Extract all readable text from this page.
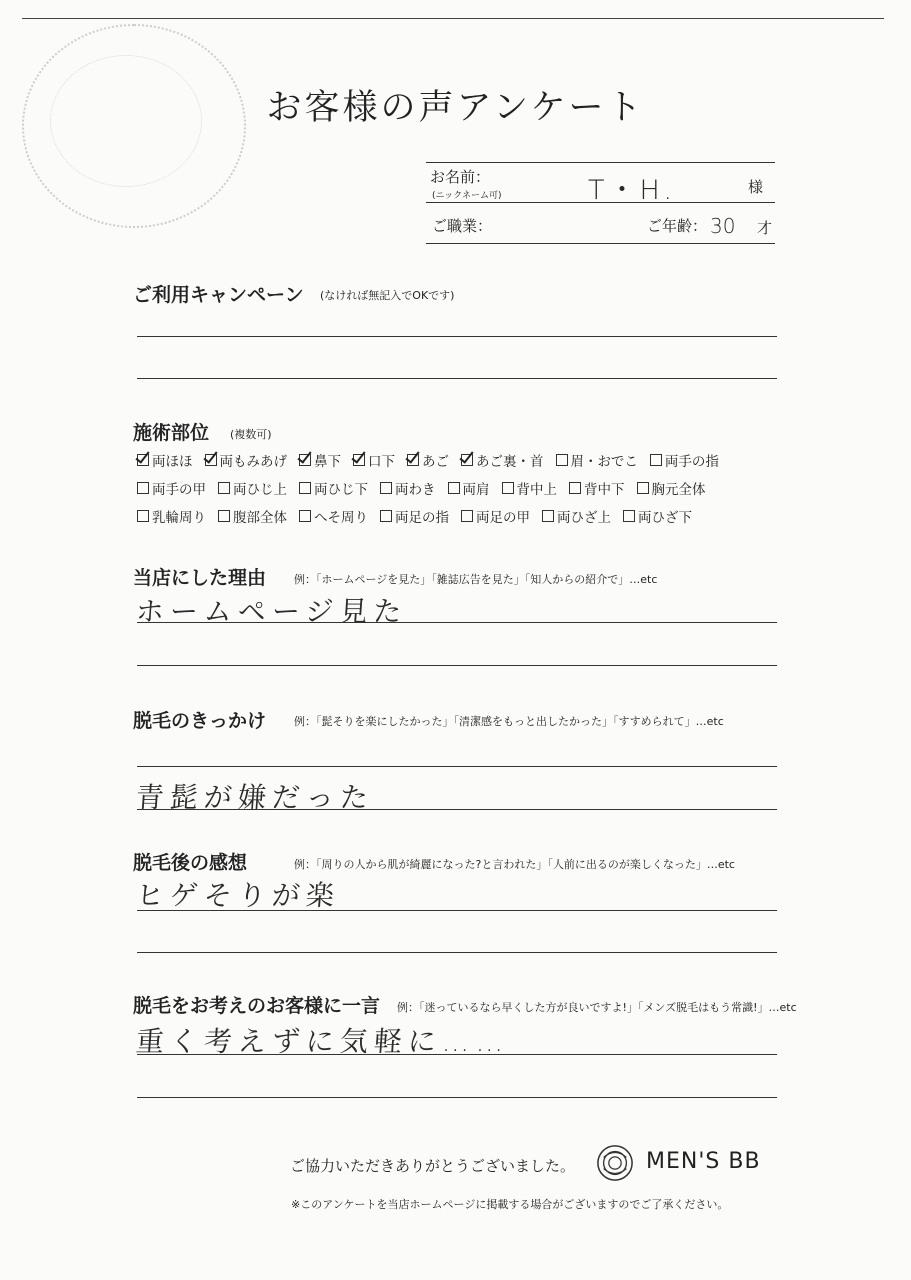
お客様の声アンケート
お名前：
(ニックネーム可)	T・H.	様
ご職業：	ご年齢： 30 才
ご利用キャンペーン (なければ無記入でOKです)
施術部位 (複数可)
両ほほ 両もみあげ 鼻下 口下 あご あご裏・首 眉・おでこ 両手の指
両手の甲 両ひじ上 両ひじ下 両わき 両肩 背中上 背中下 胸元全体
乳輪周り 腹部全体 へそ周り 両足の指 両足の甲 両ひざ上 両ひざ下
当店にした理由	例：「ホームページを見た」「雑誌広告を見た」「知人からの紹介で」…etc
ホームページ見た
脱毛のきっかけ	例：「髭そりを楽にしたかった」「清潔感をもっと出したかった」「すすめられて」…etc
青髭が嫌だった
脱毛後の感想	例：「周りの人から肌が綺麗になった?と言われた」「人前に出るのが楽しくなった」…etc
ヒゲそりが楽
脱毛をお考えのお客様に一言 例：「迷っているなら早くした方が良いですよ!」「メンズ脱毛はもう常識!」…etc
重く考えずに気軽に……
ご協力いただきありがとうございました。	MEN'S BB
※このアンケートを当店ホームページに掲載する場合がございますのでご了承ください。
